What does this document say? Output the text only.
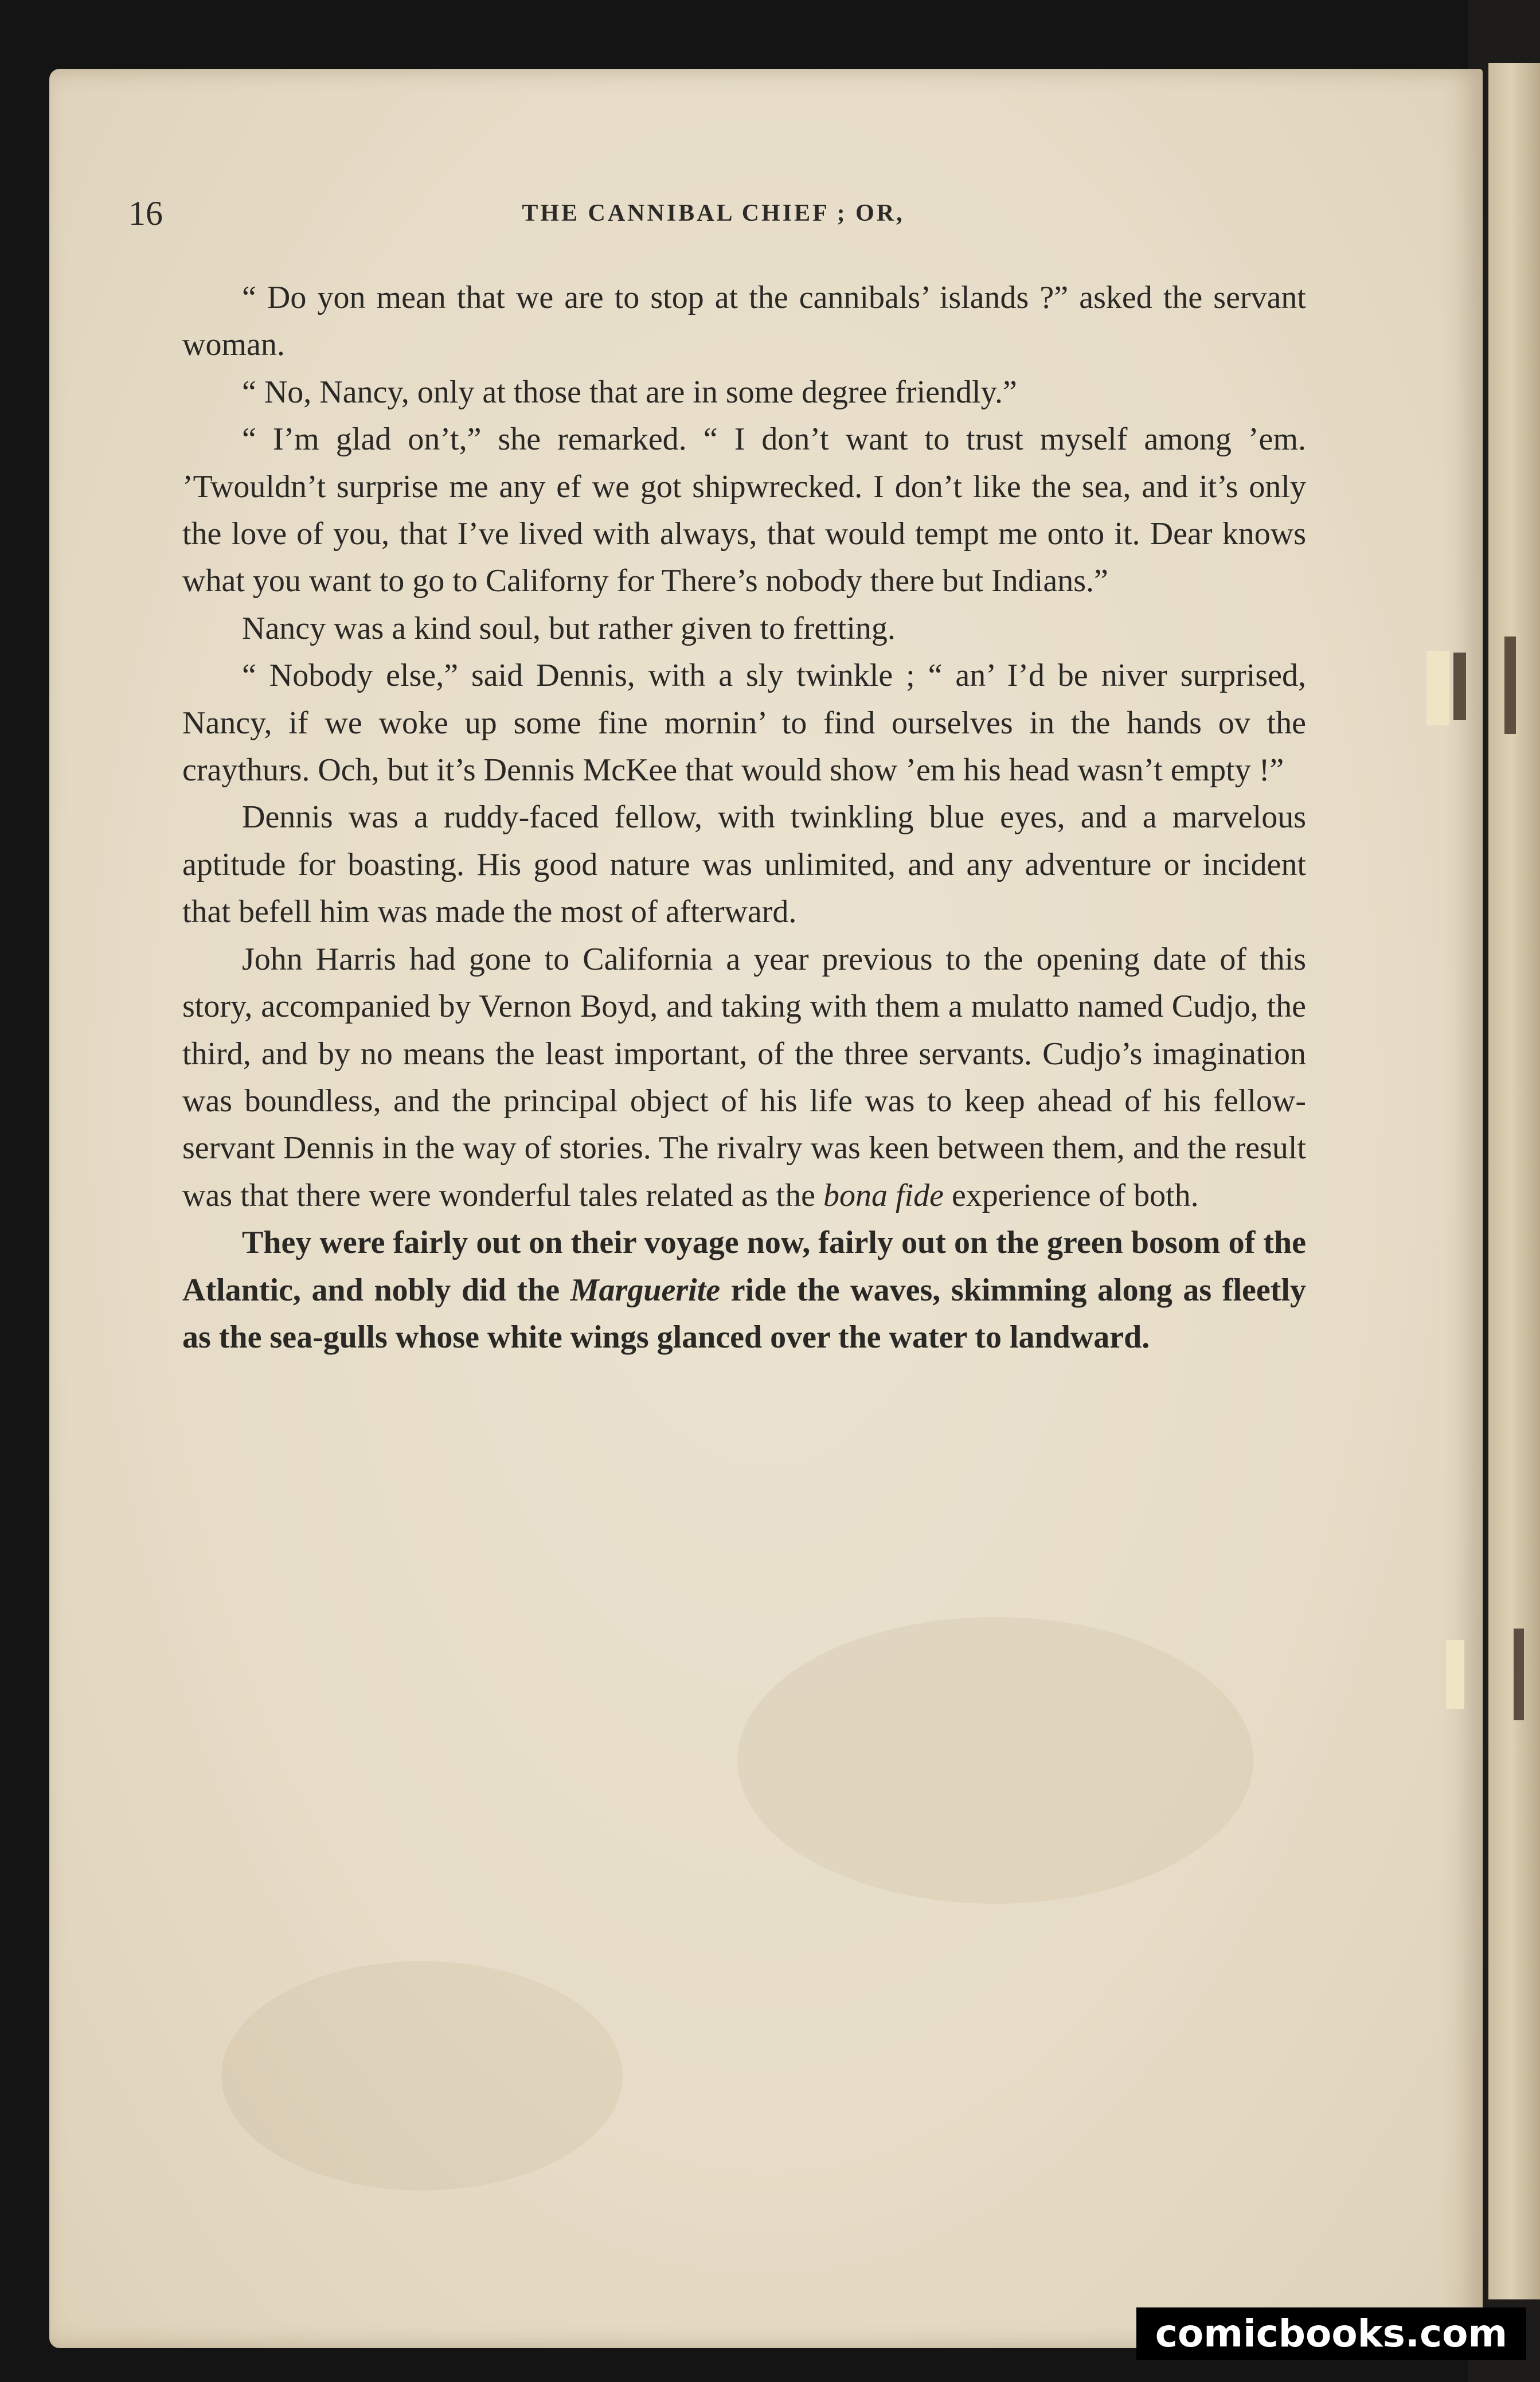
16	THE CANNIBAL CHIEF ; OR,

“ Do yon mean that we are to stop at the cannibals’ islands ?” asked the servant woman.

“ No, Nancy, only at those that are in some degree friendly.”

“ I’m glad on’t,” she remarked. “ I don’t want to trust myself among ’em. ’Twouldn’t surprise me any ef we got shipwrecked. I don’t like the sea, and it’s only the love of you, that I’ve lived with always, that would tempt me onto it. Dear knows what you want to go to Californy for There’s nobody there but Indians.”

Nancy was a kind soul, but rather given to fretting.

“ Nobody else,” said Dennis, with a sly twinkle ; “ an’ I’d be niver surprised, Nancy, if we woke up some fine mornin’ to find ourselves in the hands ov the craythurs. Och, but it’s Dennis McKee that would show ’em his head wasn’t empty !”

Dennis was a ruddy-faced fellow, with twinkling blue eyes, and a marvelous aptitude for boasting. His good nature was unlimited, and any adventure or incident that befell him was made the most of afterward.

John Harris had gone to California a year previous to the opening date of this story, accompanied by Vernon Boyd, and taking with them a mulatto named Cudjo, the third, and by no means the least important, of the three servants. Cudjo’s imagination was boundless, and the principal object of his life was to keep ahead of his fellow-servant Dennis in the way of stories. The rivalry was keen between them, and the result was that there were wonderful tales related as the bona fide experience of both.

They were fairly out on their voyage now, fairly out on the green bosom of the Atlantic, and nobly did the Marguerite ride the waves, skimming along as fleetly as the sea-gulls whose white wings glanced over the water to landward.

comicbooks.com
